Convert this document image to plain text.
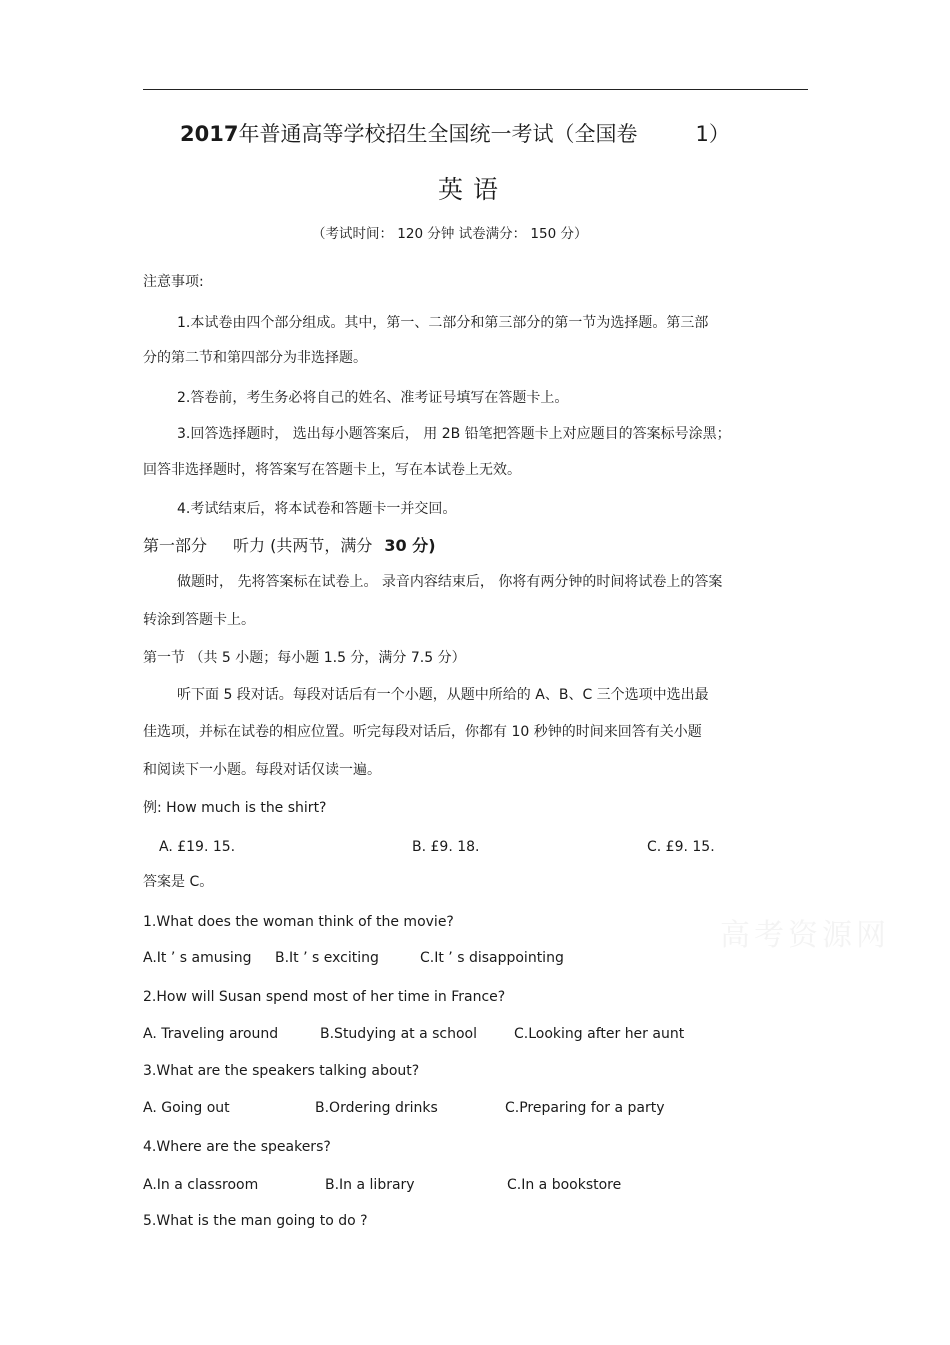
2017年普通高等学校招生全国统一考试（全国卷	1）
英语
（考试时间： 120 分钟 试卷满分： 150 分）
注意事项:
1.本试卷由四个部分组成。其中，第一、二部分和第三部分的第一节为选择题。第三部
分的第二节和第四部分为非选择题。
2.答卷前，考生务必将自己的姓名、准考证号填写在答题卡上。
3.回答选择题时， 选出每小题答案后， 用 2B 铅笔把答题卡上对应题目的答案标号涂黑；
回答非选择题时，将答案写在答题卡上，写在本试卷上无效。
4.考试结束后，将本试卷和答题卡一并交回。
第一部分 听力 (共两节，满分 30 分)
做题时， 先将答案标在试卷上。 录音内容结束后， 你将有两分钟的时间将试卷上的答案
转涂到答题卡上。
第一节 （共 5 小题；每小题 1.5 分，满分 7.5 分）
听下面 5 段对话。每段对话后有一个小题，从题中所给的 A、B、C 三个选项中选出最
佳选项，并标在试卷的相应位置。听完每段对话后，你都有 10 秒钟的时间来回答有关小题
和阅读下一小题。每段对话仅读一遍。
例: How much is the shirt?
A. £19. 15.	B. £9. 18.	C. £9. 15.
答案是 C。
高考资源网
1.What does the woman think of the movie?
A.It ’ s amusing B.It ’ s exciting	C.It ’ s disappointing
2.How will Susan spend most of her time in France?
A. Traveling around	B.Studying at a school	C.Looking after her aunt
3.What are the speakers talking about?
A. Going out	B.Ordering drinks	C.Preparing for a party
4.Where are the speakers?
A.In a classroom	B.In a library	C.In a bookstore
5.What is the man going to do ?
